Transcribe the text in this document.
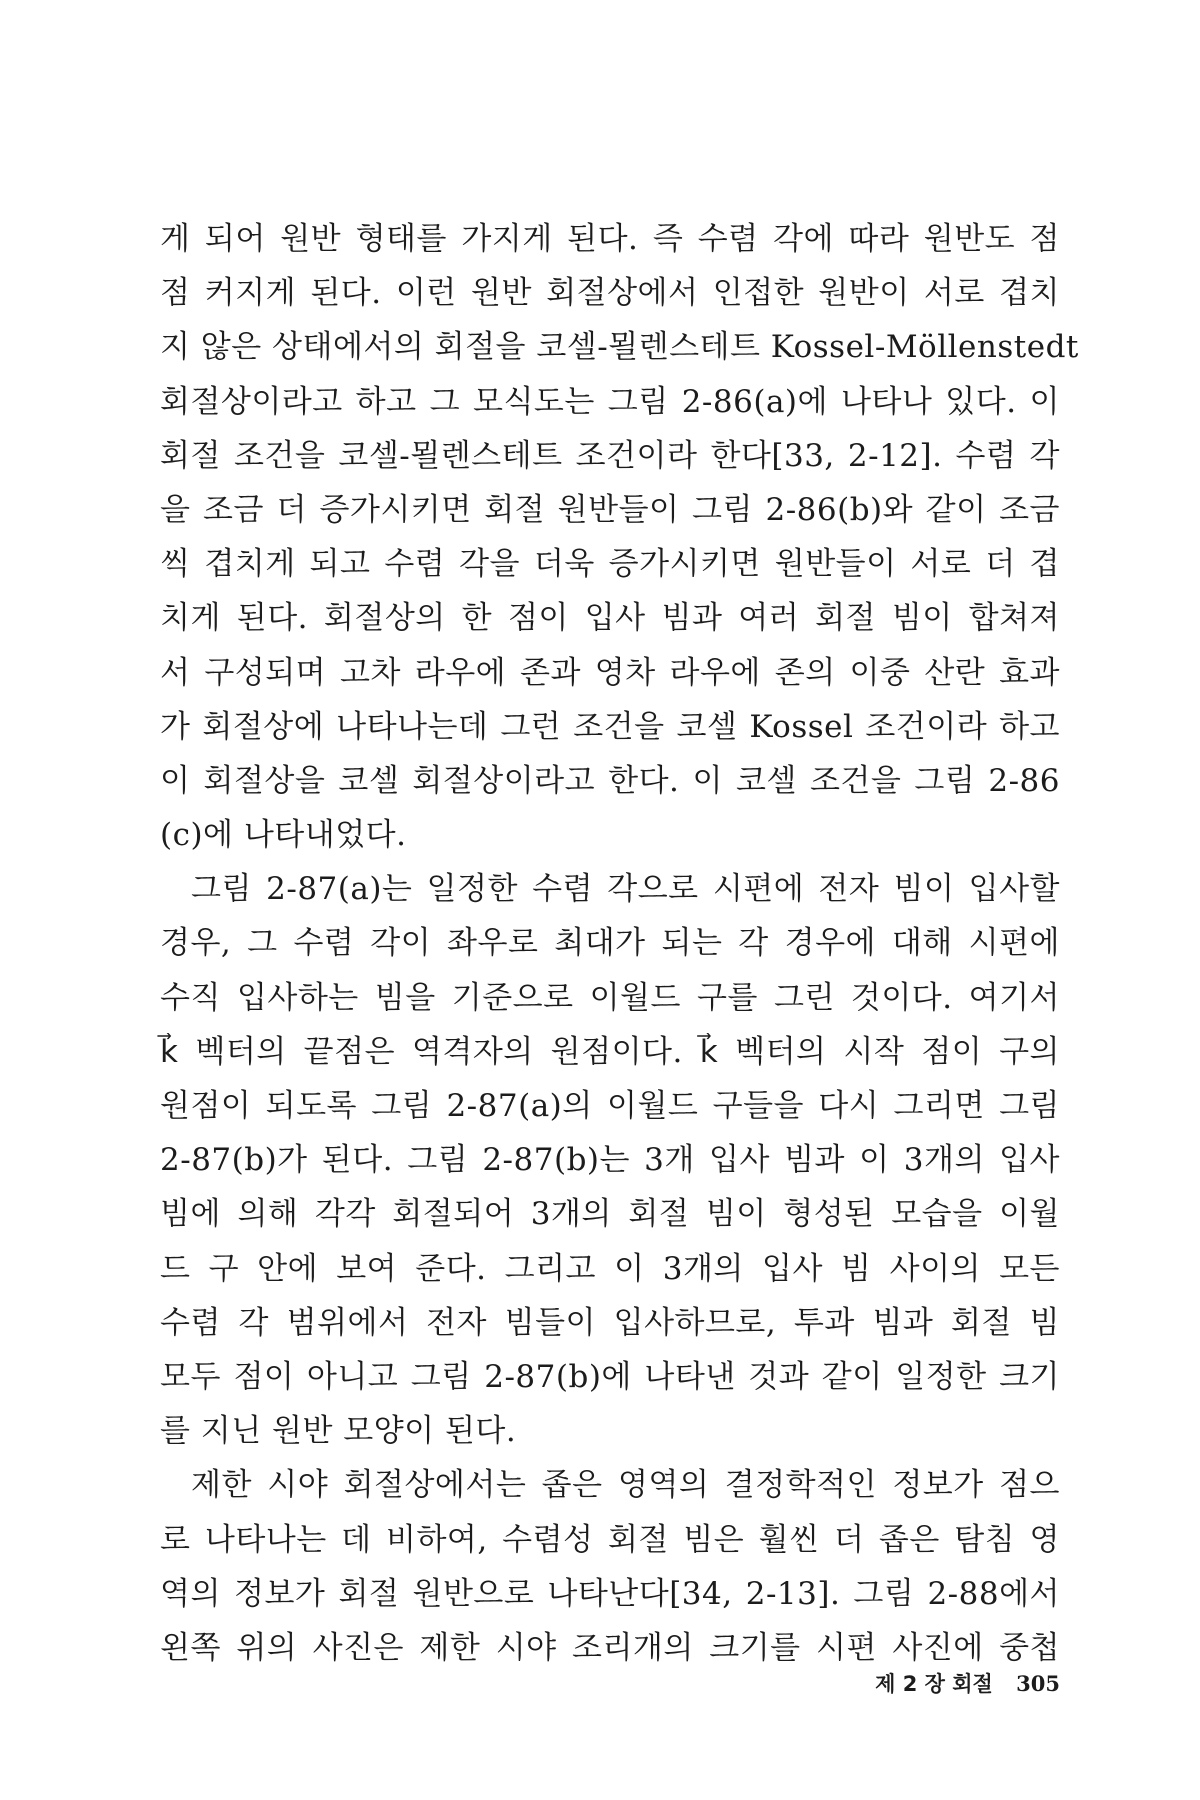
게 되어 원반 형태를 가지게 된다. 즉 수렴 각에 따라 원반도 점
점 커지게 된다. 이런 원반 회절상에서 인접한 원반이 서로 겹치
지 않은 상태에서의 회절을 코셀-묄렌스테트 Kossel-Möllenstedt
회절상이라고 하고 그 모식도는 그림 2-86(a)에 나타나 있다. 이
회절 조건을 코셀-묄렌스테트 조건이라 한다[33, 2-12]. 수렴 각
을 조금 더 증가시키면 회절 원반들이 그림 2-86(b)와 같이 조금
씩 겹치게 되고 수렴 각을 더욱 증가시키면 원반들이 서로 더 겹
치게 된다. 회절상의 한 점이 입사 빔과 여러 회절 빔이 합쳐져
서 구성되며 고차 라우에 존과 영차 라우에 존의 이중 산란 효과
가 회절상에 나타나는데 그런 조건을 코셀 Kossel 조건이라 하고
이 회절상을 코셀 회절상이라고 한다. 이 코셀 조건을 그림 2-86
(c)에 나타내었다.
그림 2-87(a)는 일정한 수렴 각으로 시편에 전자 빔이 입사할
경우, 그 수렴 각이 좌우로 최대가 되는 각 경우에 대해 시편에
수직 입사하는 빔을 기준으로 이월드 구를 그린 것이다. 여기서
k⃗ 벡터의 끝점은 역격자의 원점이다. k⃗ 벡터의 시작 점이 구의
원점이 되도록 그림 2-87(a)의 이월드 구들을 다시 그리면 그림
2-87(b)가 된다. 그림 2-87(b)는 3개 입사 빔과 이 3개의 입사
빔에 의해 각각 회절되어 3개의 회절 빔이 형성된 모습을 이월
드 구 안에 보여 준다. 그리고 이 3개의 입사 빔 사이의 모든
수렴 각 범위에서 전자 빔들이 입사하므로, 투과 빔과 회절 빔
모두 점이 아니고 그림 2-87(b)에 나타낸 것과 같이 일정한 크기
를 지닌 원반 모양이 된다.
제한 시야 회절상에서는 좁은 영역의 결정학적인 정보가 점으
로 나타나는 데 비하여, 수렴성 회절 빔은 훨씬 더 좁은 탐침 영
역의 정보가 회절 원반으로 나타난다[34, 2-13]. 그림 2-88에서
왼쪽 위의 사진은 제한 시야 조리개의 크기를 시편 사진에 중첩
제 2 장 회절 305
